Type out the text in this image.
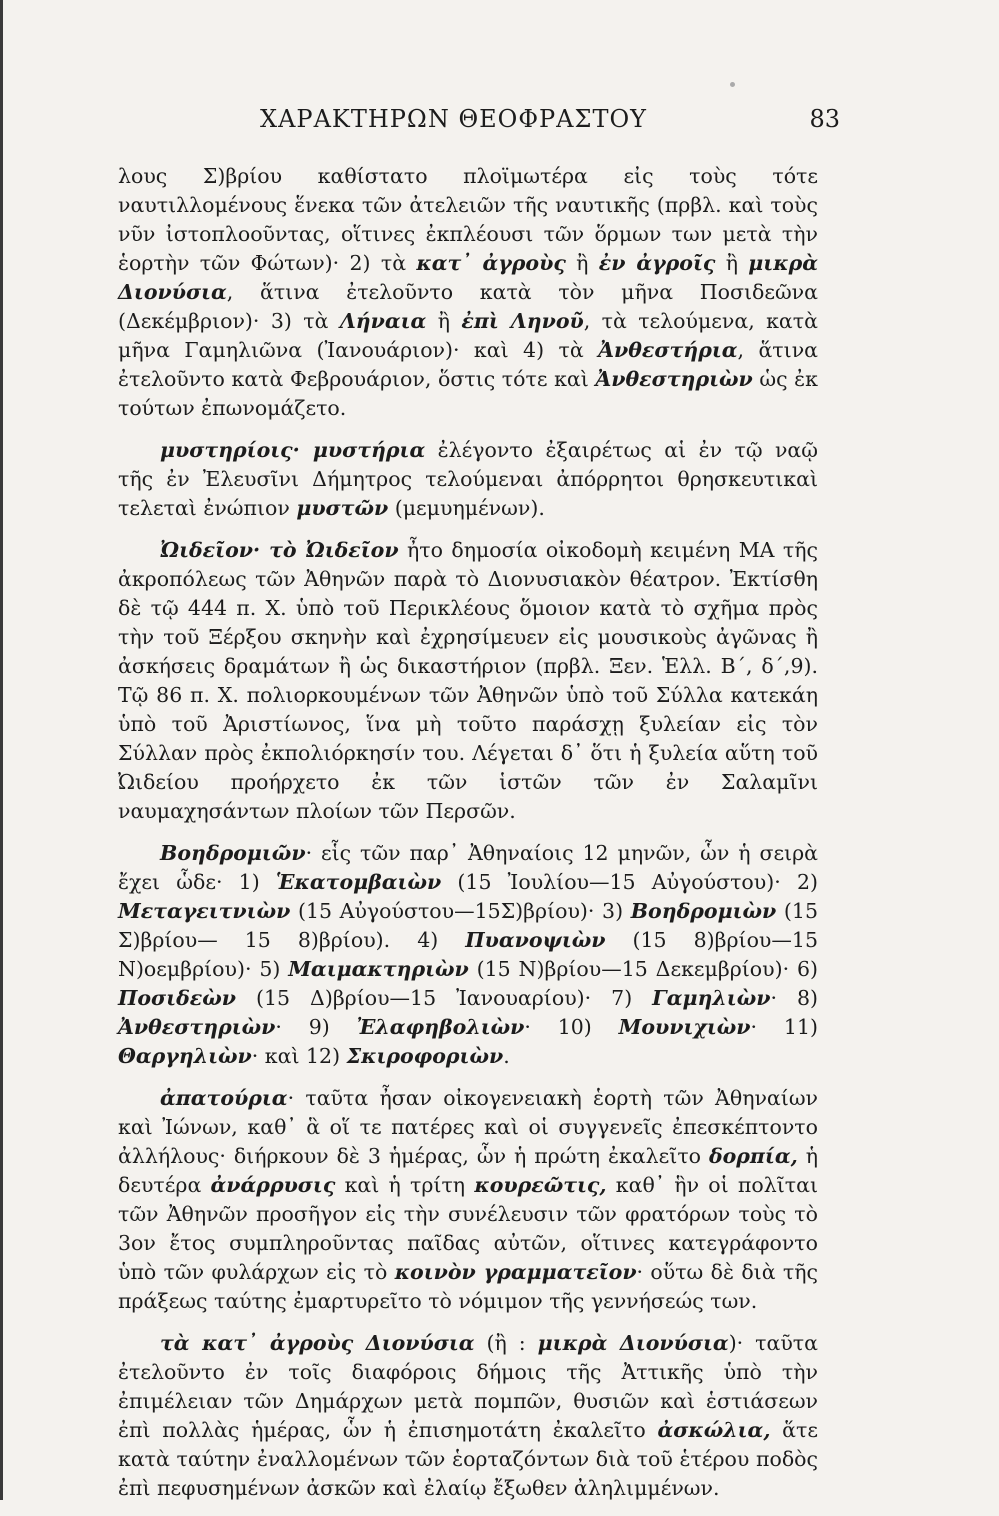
ΧΑΡΑΚΤΗΡΩΝ ΘΕΟΦΡΑΣΤΟΥ	83

λους Σ)βρίου καθίστατο πλοϊμωτέρα εἰς τοὺς τότε ναυτιλλομένους ἕνεκα τῶν ἀτελειῶν τῆς ναυτικῆς (πρβλ. καὶ τοὺς νῦν ἰστοπλοοῦντας, οἵτινες ἐκπλέουσι τῶν ὅρμων των μετὰ τὴν ἑορτὴν τῶν Φώτων)· 2) τὰ κατ᾽ ἀγροὺς ἢ ἐν ἀγροῖς ἢ μικρὰ Διονύσια, ἅτινα ἐτελοῦντο κατὰ τὸν μῆνα Ποσιδεῶνα (Δεκέμβριον)· 3) τὰ Λήναια ἢ ἐπὶ Ληνοῦ, τὰ τελούμενα, κατὰ μῆνα Γαμηλιῶνα (Ἰανουάριον)· καὶ 4) τὰ Ἀνθεστήρια, ἅτινα ἐτελοῦντο κατὰ Φεβρουάριον, ὅστις τότε καὶ Ἀνθεστηριὼν ὡς ἐκ τούτων ἐπωνομάζετο.

μυστηρίοις· μυστήρια ἐλέγοντο ἐξαιρέτως αἱ ἐν τῷ ναῷ τῆς ἐν Ἐλευσῖνι Δήμητρος τελούμεναι ἀπόρρητοι θρησκευτικαὶ τελεταὶ ἐνώπιον μυστῶν (μεμυημένων).

Ὠιδεῖον· τὸ Ὠιδεῖον ἦτο δημοσία οἰκοδομὴ κειμένη ΜΑ τῆς ἀκροπόλεως τῶν Ἀθηνῶν παρὰ τὸ Διονυσιακὸν θέατρον. Ἐκτίσθη δὲ τῷ 444 π. Χ. ὑπὸ τοῦ Περικλέους ὅμοιον κατὰ τὸ σχῆμα πρὸς τὴν τοῦ Ξέρξου σκηνὴν καὶ ἐχρησίμευεν εἰς μουσικοὺς ἀγῶνας ἢ ἀσκήσεις δραμάτων ἢ ὡς δικαστήριον (πρβλ. Ξεν. Ἑλλ. Β΄, δ΄,9). Τῷ 86 π. Χ. πολιορκουμένων τῶν Ἀθηνῶν ὑπὸ τοῦ Σύλλα κατεκάη ὑπὸ τοῦ Ἀριστίωνος, ἵνα μὴ τοῦτο παράσχῃ ξυλείαν εἰς τὸν Σύλλαν πρὸς ἐκπολιόρκησίν του. Λέγεται δ᾽ ὅτι ἡ ξυλεία αὕτη τοῦ Ὠιδείου προήρχετο ἐκ τῶν ἱστῶν τῶν ἐν Σαλαμῖνι ναυμαχησάντων πλοίων τῶν Περσῶν.

Βοηδρομιῶν· εἷς τῶν παρ᾽ Ἀθηναίοις 12 μηνῶν, ὧν ἡ σειρὰ ἔχει ὧδε· 1) Ἑκατομβαιὼν (15 Ἰουλίου—15 Αὐγούστου)· 2) Μεταγειτνιὼν (15 Αὐγούστου—15Σ)βρίου)· 3) Βοηδρομιὼν (15 Σ)βρίου— 15 8)βρίου). 4) Πυανοψιὼν (15 8)βρίου—15 Ν)οεμβρίου)· 5) Μαιμακτηριὼν (15 Ν)βρίου—15 Δεκεμβρίου)· 6) Ποσιδεὼν (15 Δ)βρίου—15 Ἰανουαρίου)· 7) Γαμηλιὼν· 8) Ἀνθεστηριὼν· 9) Ἐλαφηβολιὼν· 10) Μουνιχιὼν· 11) Θαργηλιὼν· καὶ 12) Σκιροφοριὼν.

ἀπατούρια· ταῦτα ἦσαν οἰκογενειακὴ ἑορτὴ τῶν Ἀθηναίων καὶ Ἰώνων, καθ᾽ ἃ οἵ τε πατέρες καὶ οἱ συγγενεῖς ἐπεσκέπτοντο ἀλλήλους· διήρκουν δὲ 3 ἡμέρας, ὧν ἡ πρώτη ἐκαλεῖτο δορπία, ἡ δευτέρα ἀνάρρυσις καὶ ἡ τρίτη κουρεῶτις, καθ᾽ ἣν οἱ πολῖται τῶν Ἀθηνῶν προσῆγον εἰς τὴν συνέλευσιν τῶν φρατόρων τοὺς τὸ 3ον ἔτος συμπληροῦντας παῖδας αὐτῶν, οἵτινες κατεγράφοντο ὑπὸ τῶν φυλάρχων εἰς τὸ κοινὸν γραμματεῖον· οὕτω δὲ διὰ τῆς πράξεως ταύτης ἐμαρτυρεῖτο τὸ νόμιμον τῆς γεννήσεώς των.

τὰ κατ᾽ ἀγροὺς Διονύσια (ἢ : μικρὰ Διονύσια)· ταῦτα ἐτελοῦντο ἐν τοῖς διαφόροις δήμοις τῆς Ἀττικῆς ὑπὸ τὴν ἐπιμέλειαν τῶν Δημάρχων μετὰ πομπῶν, θυσιῶν καὶ ἑστιάσεων ἐπὶ πολλὰς ἡμέρας, ὧν ἡ ἐπισημοτάτη ἐκαλεῖτο ἀσκώλια, ἅτε κατὰ ταύτην ἐναλλομένων τῶν ἑορταζόντων διὰ τοῦ ἑτέρου ποδὸς ἐπὶ πεφυσημένων ἀσκῶν καὶ ἐλαίῳ ἔξωθεν ἀληλιμμένων.
